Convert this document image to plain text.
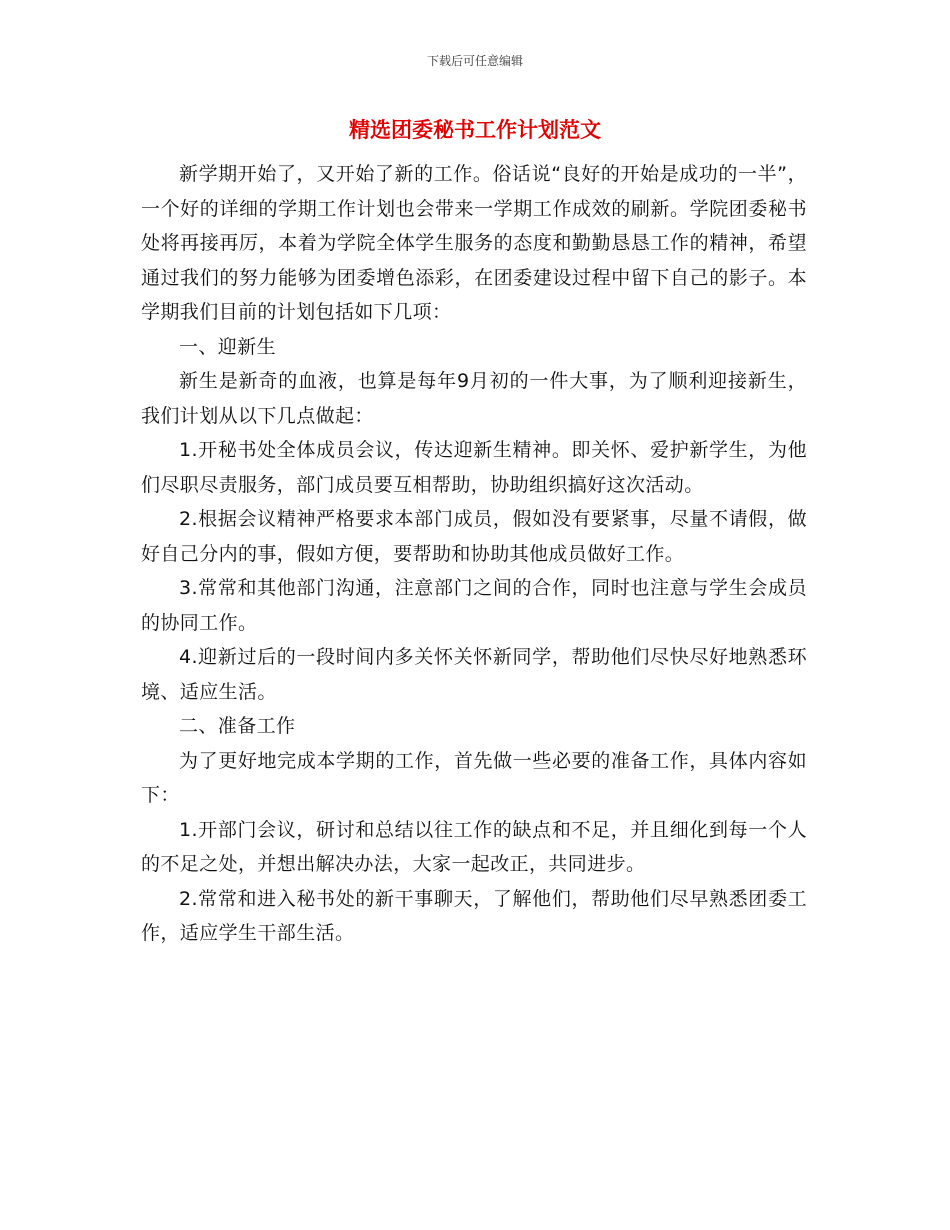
下载后可任意编辑
精选团委秘书工作计划范文

新学期开始了，又开始了新的工作。俗话说“良好的开始是成功的一半”，一个好的详细的学期工作计划也会带来一学期工作成效的刷新。学院团委秘书处将再接再厉，本着为学院全体学生服务的态度和勤勤恳恳工作的精神，希望通过我们的努力能够为团委增色添彩，在团委建设过程中留下自己的影子。本学期我们目前的计划包括如下几项：

一、迎新生

新生是新奇的血液，也算是每年9月初的一件大事，为了顺利迎接新生，我们计划从以下几点做起：

1.开秘书处全体成员会议，传达迎新生精神。即关怀、爱护新学生，为他们尽职尽责服务，部门成员要互相帮助，协助组织搞好这次活动。

2.根据会议精神严格要求本部门成员，假如没有要紧事，尽量不请假，做好自己分内的事，假如方便，要帮助和协助其他成员做好工作。

3.常常和其他部门沟通，注意部门之间的合作，同时也注意与学生会成员的协同工作。

4.迎新过后的一段时间内多关怀关怀新同学，帮助他们尽快尽好地熟悉环境、适应生活。

二、准备工作

为了更好地完成本学期的工作，首先做一些必要的准备工作，具体内容如下：

1.开部门会议，研讨和总结以往工作的缺点和不足，并且细化到每一个人的不足之处，并想出解决办法，大家一起改正，共同进步。

2.常常和进入秘书处的新干事聊天，了解他们，帮助他们尽早熟悉团委工作，适应学生干部生活。
